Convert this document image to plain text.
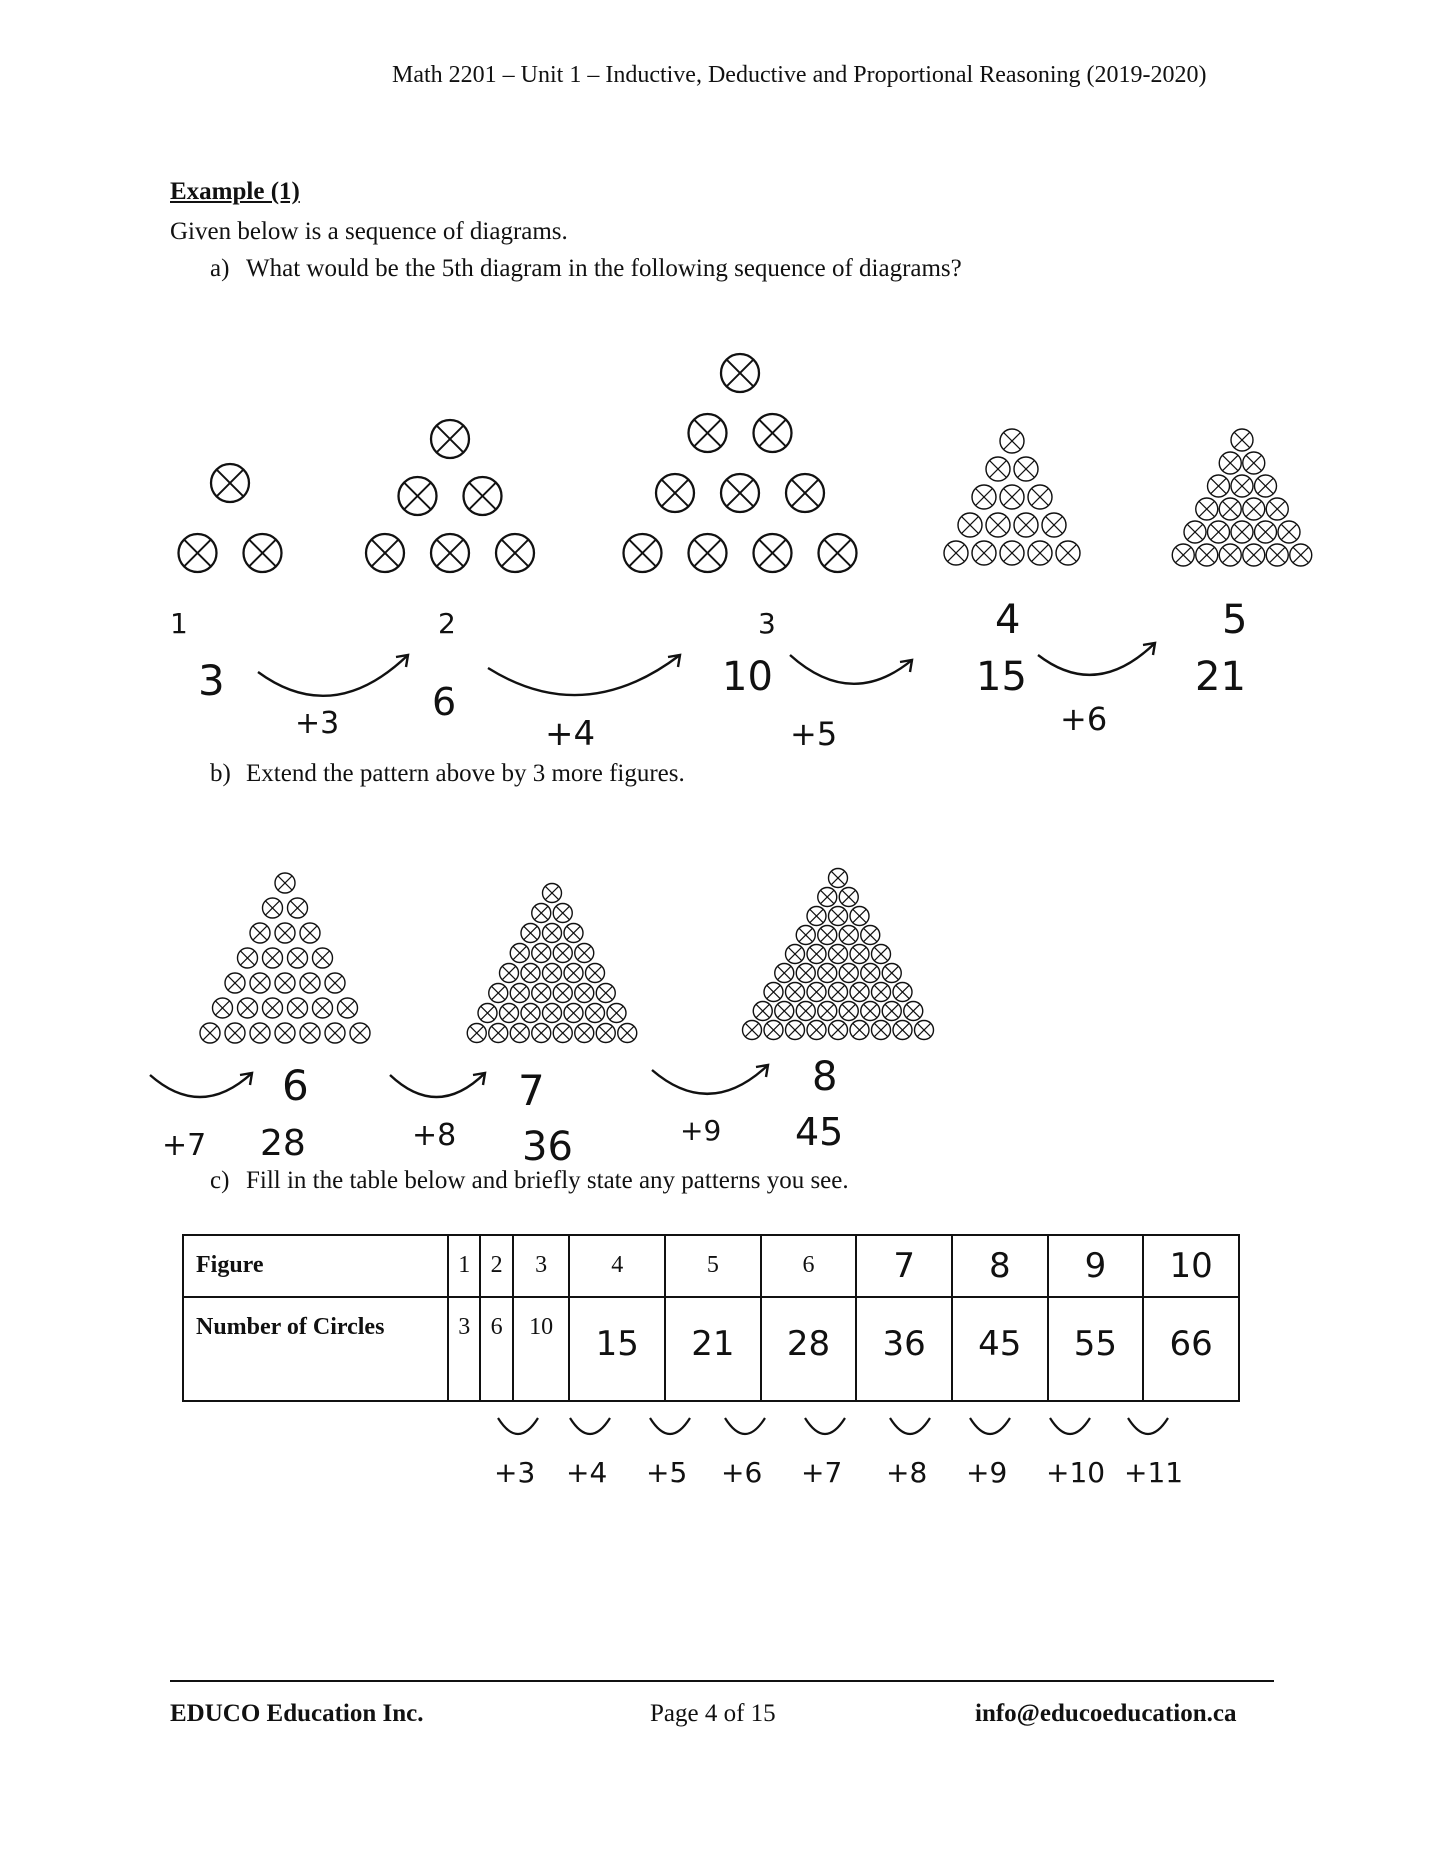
Math 2201 – Unit 1 – Inductive, Deductive and Proportional Reasoning (2019-2020)
Example (1)
Given below is a sequence of diagrams.
a) What would be the 5th diagram in the following sequence of diagrams?
b) Extend the pattern above by 3 more figures.
c) Fill in the table below and briefly state any patterns you see.
1	2	3	4	5
3	6
10	15	21
+3	+4	+5	+6
6	7	8
28	36	45
+7	+8	+9
+3 +4 +5 +6 +7 +8 +9 +10 +11
Figure	1	2	3	4	5	6	7	8	9	10
Number of Circles	3	6	10	15	21	28	36	45	55	66
EDUCO Education Inc.	Page 4 of 15	info@educoeducation.ca
